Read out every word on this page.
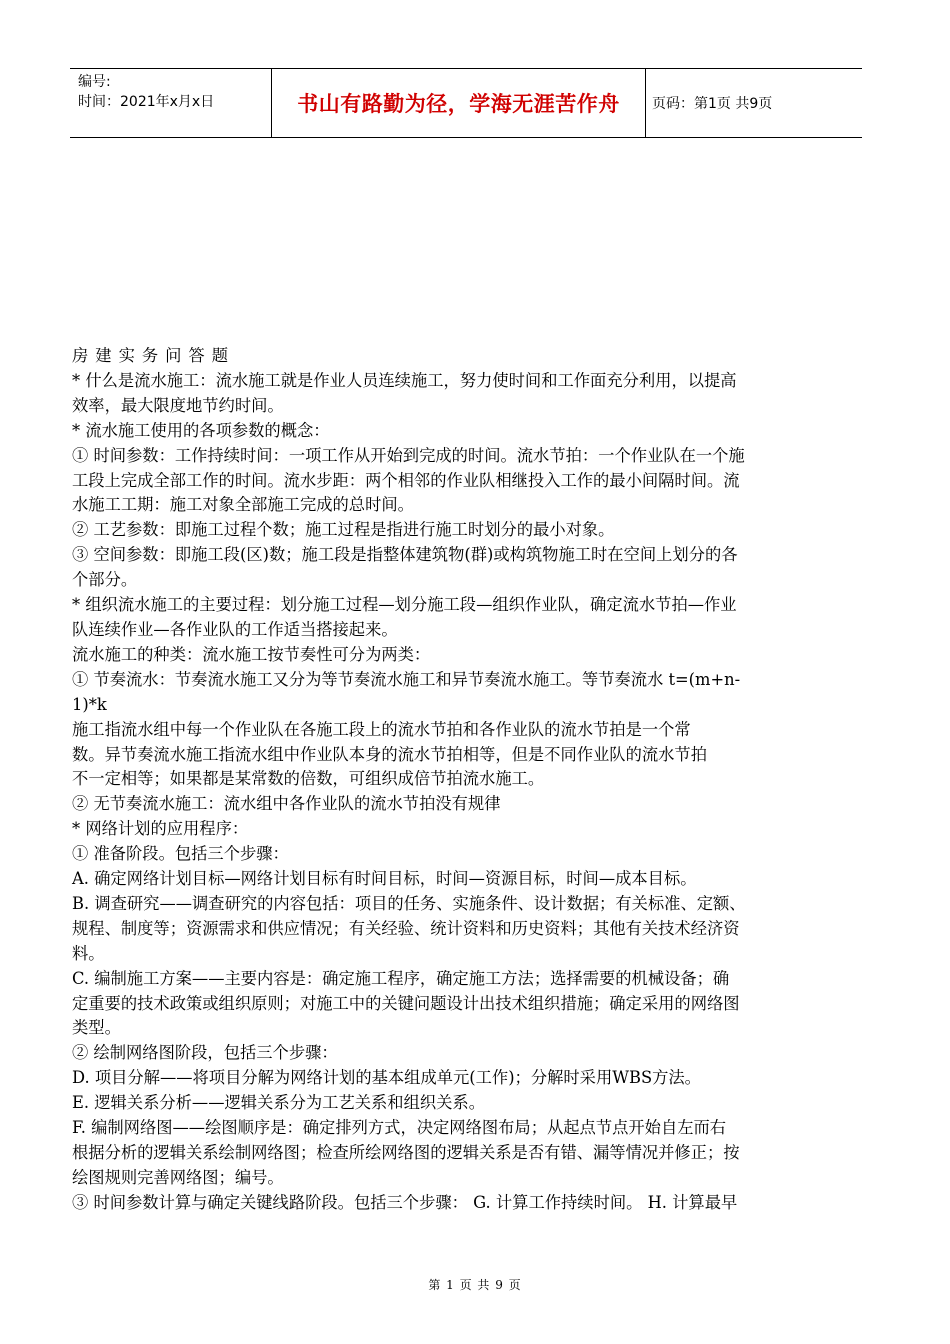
编号:
时间：2021年x月x日	书山有路勤为径，学海无涯苦作舟	页码：第1页 共9页

房建实务问答题

* 什么是流水施工：流水施工就是作业人员连续施工，努力使时间和工作面充分利用，以提高

效率，最大限度地节约时间。

* 流水施工使用的各项参数的概念：

① 时间参数：工作持续时间：一项工作从开始到完成的时间。流水节拍：一个作业队在一个施

工段上完成全部工作的时间。流水步距：两个相邻的作业队相继投入工作的最小间隔时间。流

水施工工期：施工对象全部施工完成的总时间。

② 工艺参数：即施工过程个数；施工过程是指进行施工时划分的最小对象。

③ 空间参数：即施工段(区)数；施工段是指整体建筑物(群)或构筑物施工时在空间上划分的各

个部分。

* 组织流水施工的主要过程：划分施工过程—划分施工段—组织作业队，确定流水节拍—作业

队连续作业—各作业队的工作适当搭接起来。

流水施工的种类：流水施工按节奏性可分为两类：

① 节奏流水：节奏流水施工又分为等节奏流水施工和异节奏流水施工。等节奏流水 t=(m+n-

1)*k

施工指流水组中每一个作业队在各施工段上的流水节拍和各作业队的流水节拍是一个常

数。异节奏流水施工指流水组中作业队本身的流水节拍相等，但是不同作业队的流水节拍

不一定相等；如果都是某常数的倍数，可组织成倍节拍流水施工。

② 无节奏流水施工：流水组中各作业队的流水节拍没有规律

* 网络计划的应用程序：

① 准备阶段。包括三个步骤：

A. 确定网络计划目标—网络计划目标有时间目标，时间—资源目标，时间—成本目标。

B. 调查研究——调查研究的内容包括：项目的任务、实施条件、设计数据；有关标准、定额、

规程、制度等；资源需求和供应情况；有关经验、统计资料和历史资料；其他有关技术经济资

料。

C. 编制施工方案——主要内容是：确定施工程序，确定施工方法；选择需要的机械设备；确

定重要的技术政策或组织原则；对施工中的关键问题设计出技术组织措施；确定采用的网络图

类型。

② 绘制网络图阶段，包括三个步骤：

D. 项目分解——将项目分解为网络计划的基本组成单元(工作)；分解时采用WBS方法。

E. 逻辑关系分析——逻辑关系分为工艺关系和组织关系。

F. 编制网络图——绘图顺序是：确定排列方式，决定网络图布局；从起点节点开始自左而右

根据分析的逻辑关系绘制网络图；检查所绘网络图的逻辑关系是否有错、漏等情况并修正；按

绘图规则完善网络图；编号。

③ 时间参数计算与确定关键线路阶段。包括三个步骤： G. 计算工作持续时间。 H. 计算最早

第 1 页 共 9 页
